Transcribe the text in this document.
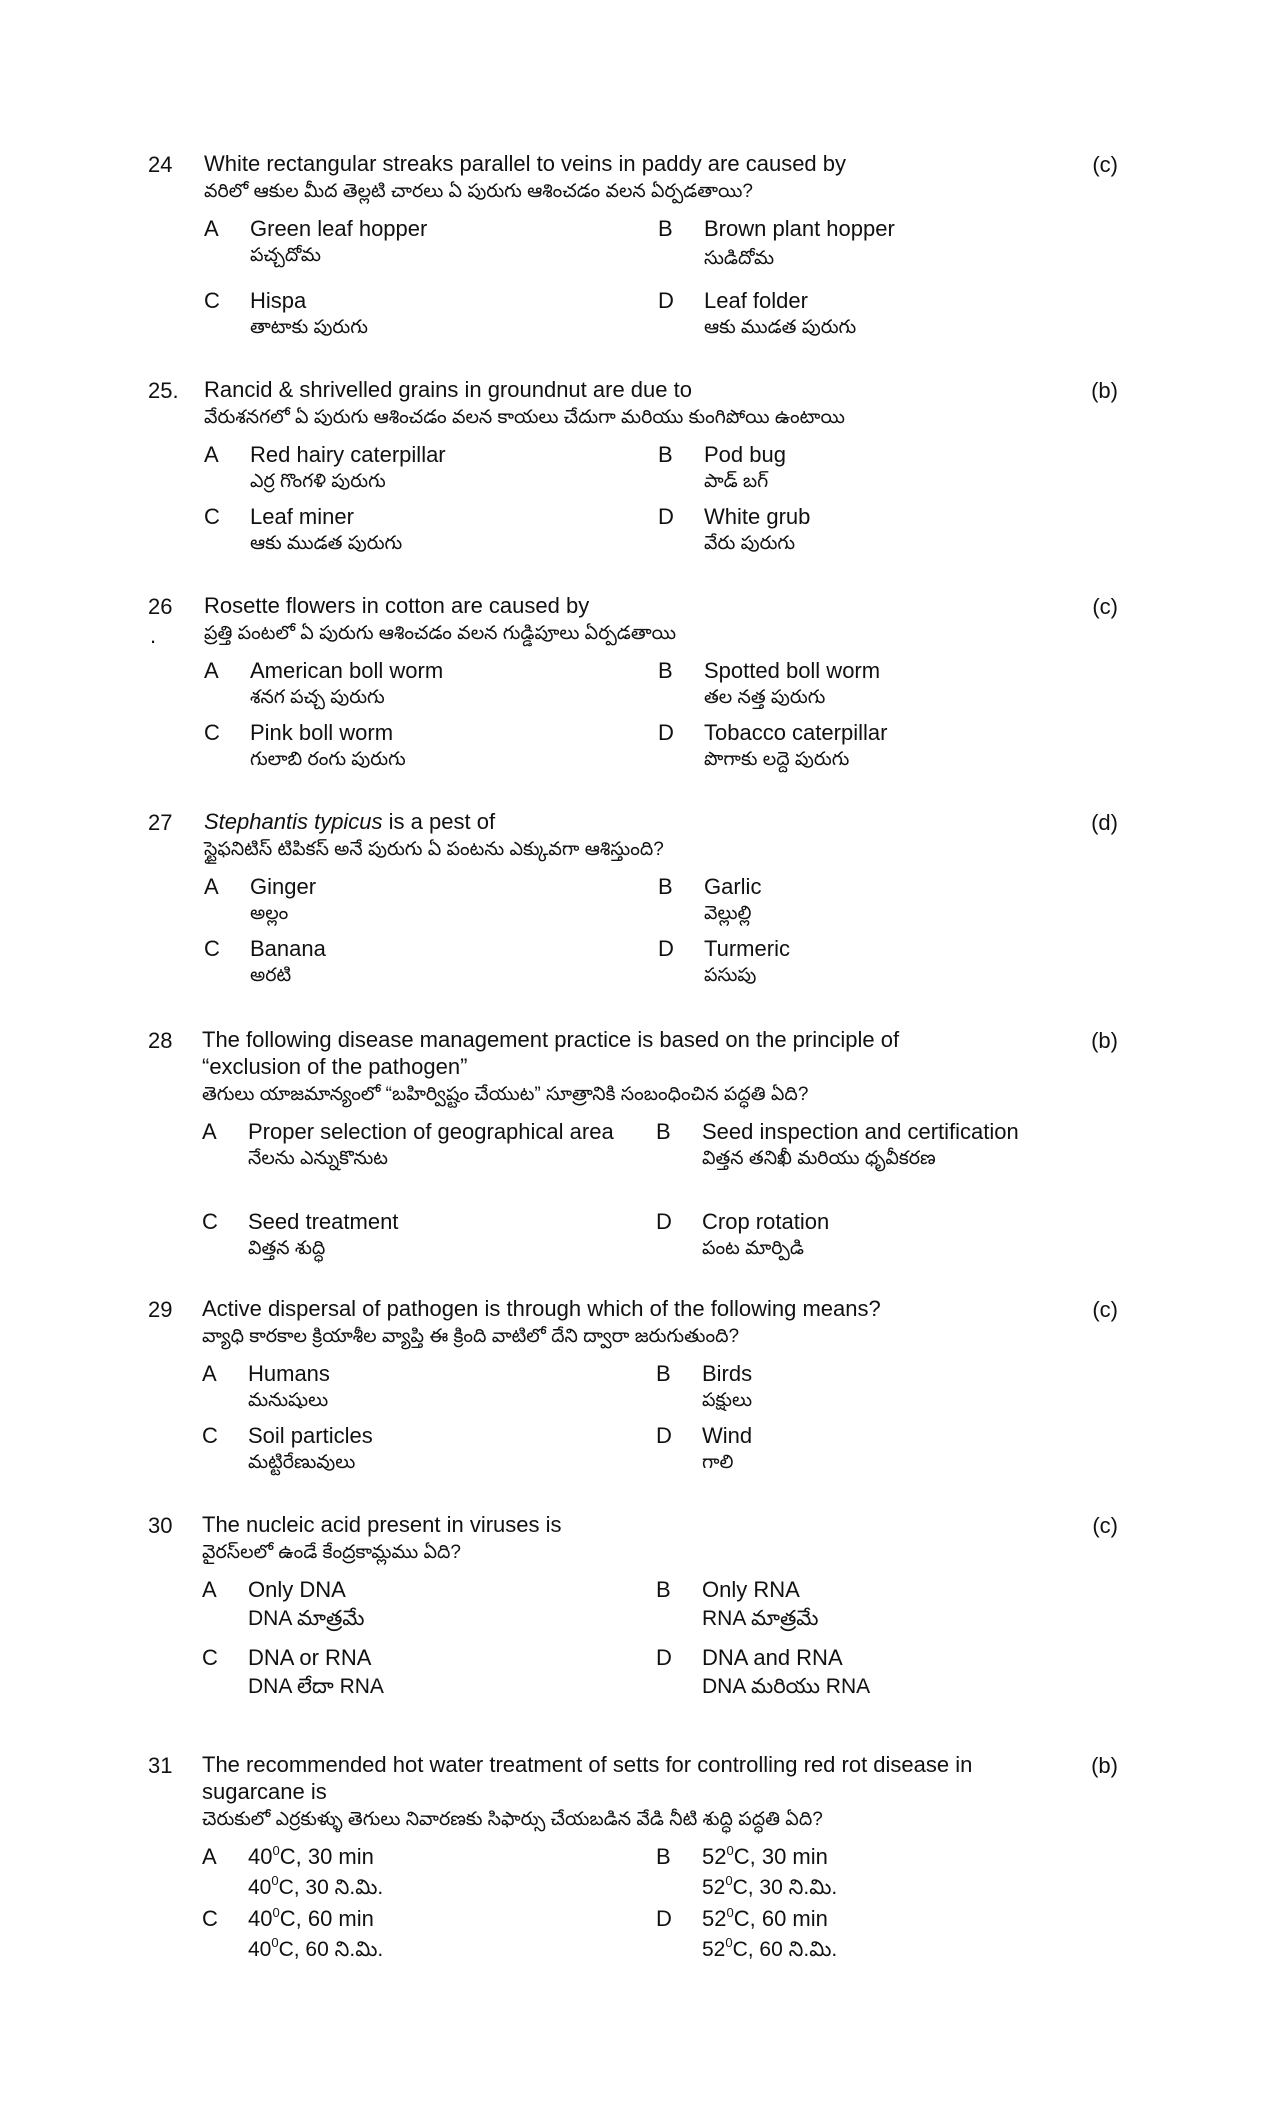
24	White rectangular streaks parallel to veins in paddy are caused by
వరిలో ఆకుల మీద తెల్లటి చారలు ఏ పురుగు ఆశించడం వలన ఏర్పడతాయి?
A Green leaf hopper
పచ్చదోమ
B Brown plant hopper
సుడిదోమ
C Hispa
తాటాకు పురుగు
D Leaf folder
ఆకు ముడత పురుగు
(c)
25.	Rancid & shrivelled grains in groundnut are due to
వేరుశనగలో ఏ పురుగు ఆశించడం వలన కాయలు చేదుగా మరియు కుంగిపోయి ఉంటాయి
A Red hairy caterpillar
ఎర్ర గొంగళి పురుగు
B Pod bug
పాడ్ బగ్
C Leaf miner
ఆకు ముడత పురుగు
D White grub
వేరు పురుగు
(b)
26
.
Rosette flowers in cotton are caused by
ప్రత్తి పంటలో ఏ పురుగు ఆశించడం వలన గుడ్డిపూలు ఏర్పడతాయి
A American boll worm
శనగ పచ్చ పురుగు
B Spotted boll worm
తల నత్త పురుగు
C Pink boll worm
గులాబి రంగు పురుగు
D Tobacco caterpillar
పొగాకు లద్దె పురుగు
(c)
27	Stephantis typicus is a pest of
స్టైఫనిటిస్ టిపికస్ అనే పురుగు ఏ పంటను ఎక్కువగా ఆశిస్తుంది?
A Ginger
అల్లం
B Garlic
వెల్లుల్లి
C Banana
అరటి
D Turmeric
పసుపు
(d)
28	The following disease management practice is based on the principle of “exclusion of the pathogen”
తెగులు యాజమాన్యంలో “బహిర్విష్టం చేయుట” సూత్రానికి సంబంధించిన పద్ధతి ఏది?
A Proper selection of geographical area
నేలను ఎన్నుకొనుట
B Seed inspection and certification
విత్తన తనిఖీ మరియు ధృవీకరణ
C Seed treatment
విత్తన శుద్ధి
D Crop rotation
పంట మార్పిడి
(b)
29	Active dispersal of pathogen is through which of the following means?
వ్యాధి కారకాల క్రియాశీల వ్యాప్తి ఈ క్రింది వాటిలో దేని ద్వారా జరుగుతుంది?
A Humans
మనుషులు
B Birds
పక్షులు
C Soil particles
మట్టిరేణువులు
D Wind
గాలి
(c)
30	The nucleic acid present in viruses is
వైరస్‌లలో ఉండే కేంద్రకామ్లము ఏది?
A Only DNA
DNA మాత్రమే
B Only RNA
RNA మాత్రమే
C DNA or RNA
DNA లేదా RNA
D DNA and RNA
DNA మరియు RNA
(c)
31	The recommended hot water treatment of setts for controlling red rot disease in sugarcane is
చెరుకులో ఎర్రకుళ్ళు తెగులు నివారణకు సిఫార్సు చేయబడిన వేడి నీటి శుద్ధి పద్ధతి ఏది?
A $40^0C$, 30 min
$40^0C$, 30 ని.మి.
B $52^0C$, 30 min
$52^0C$, 30 ని.మి.
C $40^0C$, 60 min
$40^0C$, 60 ని.మి.
D $52^0C$, 60 min
$52^0C$, 60 ని.మి.
(b)
